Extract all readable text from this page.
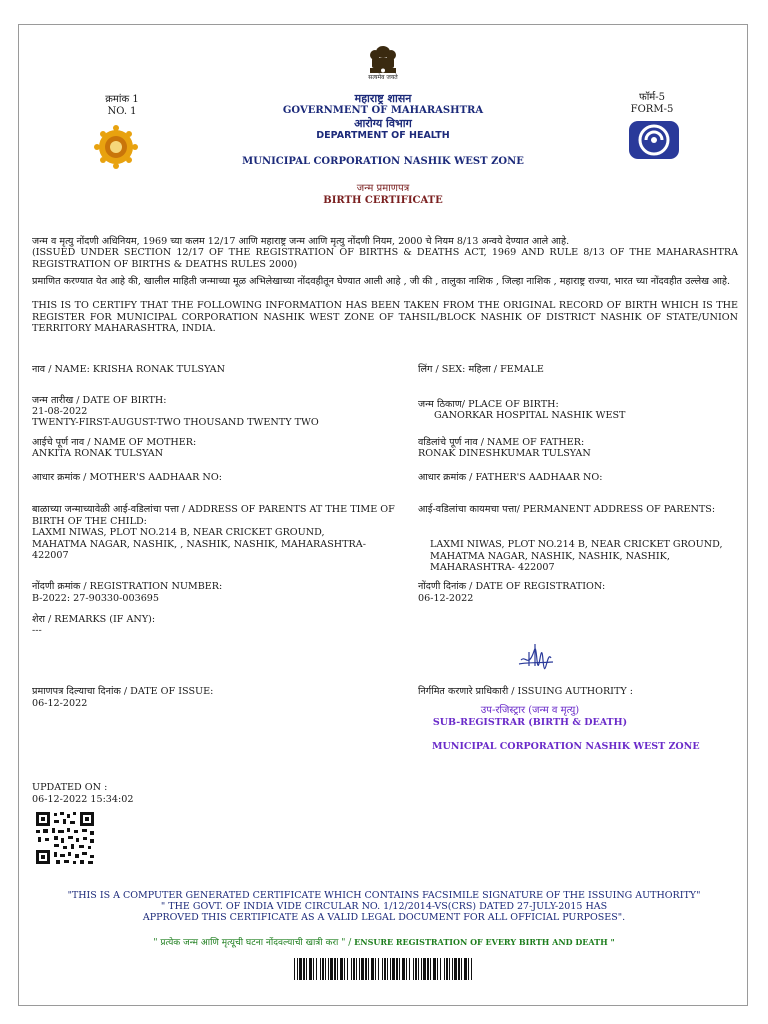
सत्यमेव जयते
क्रमांक 1
NO. 1
फॉर्म-5
FORM-5
महाराष्ट्र शासन
GOVERNMENT OF MAHARASHTRA
आरोग्य विभाग
DEPARTMENT OF HEALTH
MUNICIPAL CORPORATION NASHIK WEST ZONE
जन्म प्रमाणपत्र
BIRTH CERTIFICATE
जन्म व मृत्यु नोंदणी अधिनियम, 1969 च्या कलम 12/17 आणि महाराष्ट्र जन्म आणि मृत्यु नोंदणी नियम, 2000 चे नियम 8/13 अन्वये देण्यात आले आहे.
(ISSUED UNDER SECTION 12/17 OF THE REGISTRATION OF BIRTHS & DEATHS ACT, 1969 AND RULE 8/13 OF THE MAHARASHTRA REGISTRATION OF BIRTHS & DEATHS RULES 2000)
प्रमाणित करण्यात येत आहे की, खालील माहिती जन्माच्या मूळ अभिलेखाच्या नोंदवहीतून घेण्यात आली आहे , जी की , तालुका नाशिक , जिल्हा नाशिक , महाराष्ट्र राज्या, भारत च्या नोंदवहीत उल्लेख आहे.
THIS IS TO CERTIFY THAT THE FOLLOWING INFORMATION HAS BEEN TAKEN FROM THE ORIGINAL RECORD OF BIRTH WHICH IS THE REGISTER FOR MUNICIPAL CORPORATION NASHIK WEST ZONE OF TAHSIL/BLOCK NASHIK OF DISTRICT NASHIK OF STATE/UNION TERRITORY MAHARASHTRA, INDIA.
नाव / NAME: KRISHA RONAK TULSYAN	लिंग / SEX: महिला / FEMALE
जन्म तारीख / DATE OF BIRTH:
21-08-2022
TWENTY-FIRST-AUGUST-TWO THOUSAND TWENTY TWO
जन्म ठिकाण/ PLACE OF BIRTH:
GANORKAR HOSPITAL NASHIK WEST
आईचे पूर्ण नाव / NAME OF MOTHER:
ANKITA RONAK TULSYAN
वडिलांचे पूर्ण नाव / NAME OF FATHER:
RONAK DINESHKUMAR TULSYAN
आधार क्रमांक / MOTHER'S AADHAAR NO:	आधार क्रमांक / FATHER'S AADHAAR NO:
बाळाच्या जन्माच्यावेळी आई-वडिलांचा पत्ता / ADDRESS OF PARENTS AT THE TIME OF BIRTH OF THE CHILD:
LAXMI NIWAS, PLOT NO.214 B, NEAR CRICKET GROUND, MAHATMA NAGAR, NASHIK, , NASHIK, NASHIK, MAHARASHTRA- 422007
आई-वडिलांचा कायमचा पत्ता/ PERMANENT ADDRESS OF PARENTS:
LAXMI NIWAS, PLOT NO.214 B, NEAR CRICKET GROUND, MAHATMA NAGAR, NASHIK, NASHIK, NASHIK, MAHARASHTRA- 422007
नोंदणी क्रमांक / REGISTRATION NUMBER:
B-2022: 27-90330-003695
नोंदणी दिनांक / DATE OF REGISTRATION:
06-12-2022
शेरा / REMARKS (IF ANY):
---
प्रमाणपत्र दिल्याचा दिनांक / DATE OF ISSUE:
06-12-2022
निर्गमित करणारे प्राधिकारी / ISSUING AUTHORITY :
उप-रजिस्ट्रार (जन्म व मृत्यु)
SUB-REGISTRAR (BIRTH & DEATH)
MUNICIPAL CORPORATION NASHIK WEST ZONE
UPDATED ON :
06-12-2022 15:34:02
"THIS IS A COMPUTER GENERATED CERTIFICATE WHICH CONTAINS FACSIMILE SIGNATURE OF THE ISSUING AUTHORITY"
" THE GOVT. OF INDIA VIDE CIRCULAR NO. 1/12/2014-VS(CRS) DATED 27-JULY-2015 HAS
APPROVED THIS CERTIFICATE AS A VALID LEGAL DOCUMENT FOR ALL OFFICIAL PURPOSES".
" प्रत्येक जन्म आणि मृत्यूची घटना नोंदवल्याची खात्री करा " / ENSURE REGISTRATION OF EVERY BIRTH AND DEATH "
